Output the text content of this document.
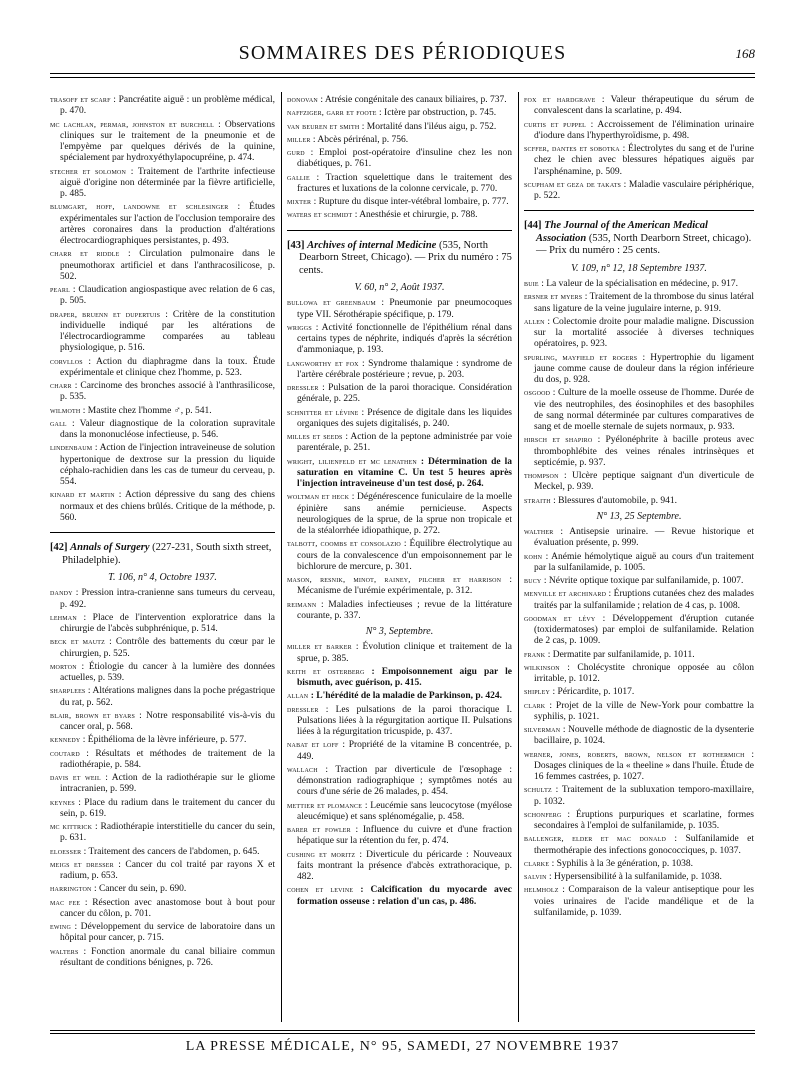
SOMMAIRES DES PÉRIODIQUES	168
trasoff et scarf : Pancréatite aiguë : un problème médical, p. 470.
mc lachlan, permar, johnston et burchell : Observations cliniques sur le traitement de la pneumonie et de l'empyème par quelques dérivés de la quinine, spécialement par hydroxyéthylapocupréine, p. 474.
stecher et solomon : Traitement de l'arthrite infectieuse aiguë d'origine non déterminée par la fièvre artificielle, p. 485.
blumgart, hoff, landowne et schlesinger : Études expérimentales sur l'action de l'occlusion temporaire des artères coronaires dans la production d'altérations électrocardiographiques persistantes, p. 493.
charr et riddle : Circulation pulmonaire dans le pneumothorax artificiel et dans l'anthracosilicose, p. 502.
pearl : Claudication angiospastique avec relation de 6 cas, p. 505.
draper, bruenn et dupertuis : Critère de la constitution individuelle indiqué par les altérations de l'électrocardiogramme comparées au tableau physiologique, p. 516.
corvllos : Action du diaphragme dans la toux. Étude expérimentale et clinique chez l'homme, p. 523.
charr : Carcinome des bronches associé à l'anthrasilicose, p. 535.
wilmoth : Mastite chez l'homme ♂, p. 541.
gall : Valeur diagnostique de la coloration supravitale dans la mononucléose infectieuse, p. 546.
lindenbaum : Action de l'injection intraveineuse de solution hypertonique de dextrose sur la pression du liquide céphalo-rachidien dans les cas de tumeur du cerveau, p. 554.
kinard et martin : Action dépressive du sang des chiens normaux et des chiens brûlés. Critique de la méthode, p. 560.
[42] Annals of Surgery (227-231, South sixth street, Philadelphie).
T. 106, n° 4, Octobre 1937.
dandy : Pression intra-cranienne sans tumeurs du cerveau, p. 492.
lehman : Place de l'intervention exploratrice dans la chirurgie de l'abcès subphrénique, p. 514.
beck et mautz : Contrôle des battements du cœur par le chirurgien, p. 525.
morton : Étiologie du cancer à la lumière des données actuelles, p. 539.
sharplees : Altérations malignes dans la poche prégastrique du rat, p. 562.
blair, brown et byars : Notre responsabilité vis-à-vis du cancer oral, p. 568.
kennedy : Épithélioma de la lèvre inférieure, p. 577.
coutard : Résultats et méthodes de traitement de la radiothérapie, p. 584.
davis et weil : Action de la radiothérapie sur le gliome intracranien, p. 599.
keynes : Place du radium dans le traitement du cancer du sein, p. 619.
mc kittrick : Radiothérapie interstitielle du cancer du sein, p. 631.
eloesser : Traitement des cancers de l'abdomen, p. 645.
meigs et dresser : Cancer du col traité par rayons X et radium, p. 653.
harrington : Cancer du sein, p. 690.
mac fee : Résection avec anastomose bout à bout pour cancer du côlon, p. 701.
ewing : Développement du service de laboratoire dans un hôpital pour cancer, p. 715.
walters : Fonction anormale du canal biliaire commun résultant de conditions bénignes, p. 726.
donovan : Atrésie congénitale des canaux biliaires, p. 737.
naffziger, garr et foote : Ictère par obstruction, p. 745.
van beuren et smith : Mortalité dans l'iléus aigu, p. 752.
miller : Abcès périrénal, p. 756.
gurd : Emploi post-opératoire d'insuline chez les non diabétiques, p. 761.
gallie : Traction squelettique dans le traitement des fractures et luxations de la colonne cervicale, p. 770.
mixter : Rupture du disque inter-vétébral lombaire, p. 777.
waters et schmidt : Anesthésie et chirurgie, p. 788.
[43] Archives of internal Medicine (535, North Dearborn Street, Chicago). — Prix du numéro : 75 cents.
V. 60, n° 2, Août 1937.
bullowa et greenbaum : Pneumonie par pneumocoques type VII. Sérothérapie spécifique, p. 179.
wriggs : Activité fonctionnelle de l'épithélium rénal dans certains types de néphrite, indiqués d'après la sécrétion d'ammoniaque, p. 193.
langworthy et fox : Syndrome thalamique : syndrome de l'artère cérébrale postérieure ; revue, p. 203.
dressler : Pulsation de la paroi thoracique. Considération générale, p. 225.
schnitter et lévine : Présence de digitale dans les liquides organiques des sujets digitalisés, p. 240.
milles et seeds : Action de la peptone administrée par voie parentérale, p. 251.
wright, lilienfeld et mc lenathen : Détermination de la saturation en vitamine C. Un test 5 heures après l'injection intraveineuse d'un test dosé, p. 264.
woltman et heck : Dégénérescence funiculaire de la moelle épinière sans anémie pernicieuse. Aspects neurologiques de la sprue, de la sprue non tropicale et de la stéalorrhée idiopathique, p. 272.
talbott, coombs et consolazio : Équilibre électrolytique au cours de la convalescence d'un empoisonnement par le bichlorure de mercure, p. 301.
mason, resnik, minot, rainey, pilcher et harrison : Mécanisme de l'urémie expérimentale, p. 312.
reimann : Maladies infectieuses ; revue de la littérature courante, p. 337.
N° 3, Septembre.
miller et barker : Évolution clinique et traitement de la sprue, p. 385.
keith et osterberg : Empoisonnement aigu par le bismuth, avec guérison, p. 415.
allan : L'hérédité de la maladie de Parkinson, p. 424.
dressler : Les pulsations de la paroi thoracique I. Pulsations liées à la régurgitation aortique II. Pulsations liées à la régurgitation tricuspide, p. 437.
nabat et loff : Propriété de la vitamine B concentrée, p. 449.
wallach : Traction par diverticule de l'œsophage : démonstration radiographique ; symptômes notés au cours d'une série de 26 malades, p. 454.
mettier et plomance : Leucémie sans leucocytose (myélose aleucémique) et sans splénomégalie, p. 458.
barer et fowler : Influence du cuivre et d'une fraction hépatique sur la rétention du fer, p. 474.
cushing et moritz : Diverticule du péricarde : Nouveaux faits montrant la présence d'abcès extrathoracique, p. 482.
cohen et levine : Calcification du myocarde avec formation osseuse : relation d'un cas, p. 486.
fox et hardgrave : Valeur thérapeutique du sérum de convalescent dans la scarlatine, p. 494.
curtis et puppel : Accroissement de l'élimination urinaire d'iodure dans l'hyperthyroïdisme, p. 498.
scffer, dantes et sobotka : Électrolytes du sang et de l'urine chez le chien avec blessures hépatiques aiguës par l'arsphénamine, p. 509.
scupham et geza de takats : Maladie vasculaire périphérique, p. 522.
[44] The Journal of the American Medical Association (535, North Dearborn Street, chicago). — Prix du numéro : 25 cents.
V. 109, n° 12, 18 Septembre 1937.
buie : La valeur de la spécialisation en médecine, p. 917.
ersner et myers : Traitement de la thrombose du sinus latéral sans ligature de la veine jugulaire interne, p. 919.
allen : Colectomie droite pour maladie maligne. Discussion sur la mortalité associée à diverses techniques opératoires, p. 923.
spurling, mayfield et rogers : Hypertrophie du ligament jaune comme cause de douleur dans la région inférieure du dos, p. 928.
osgood : Culture de la moelle osseuse de l'homme. Durée de vie des neutrophiles, des éosinophiles et des basophiles de sang normal déterminée par cultures comparatives de sang et de moelle sternale de sujets normaux, p. 933.
hirsch et shapiro : Pyélonéphrite à bacille proteus avec thrombophlébite des veines rénales intrinsèques et septicémie, p. 937.
thompson : Ulcère peptique saignant d'un diverticule de Meckel, p. 939.
straith : Blessures d'automobile, p. 941.
N° 13, 25 Septembre.
walther : Antisepsie urinaire. — Revue historique et évaluation présente, p. 999.
kohn : Anémie hémolytique aiguë au cours d'un traitement par la sulfanilamide, p. 1005.
bucy : Névrite optique toxique par sulfanilamide, p. 1007.
menville et archinard : Éruptions cutanées chez des malades traités par la sulfanilamide ; relation de 4 cas, p. 1008.
goodman et lévy : Développement d'éruption cutanée (toxidermatoses) par emploi de sulfanilamide. Relation de 2 cas, p. 1009.
frank : Dermatite par sulfanilamide, p. 1011.
wilkinson : Cholécystite chronique opposée au côlon irritable, p. 1012.
shipley : Péricardite, p. 1017.
clark : Projet de la ville de New-York pour combattre la syphilis, p. 1021.
silverman : Nouvelle méthode de diagnostic de la dysenterie bacillaire, p. 1024.
werner, jones, roberts, brown, nelson et rothermich : Dosages cliniques de la « theeline » dans l'huile. Étude de 16 femmes castrées, p. 1027.
schultz : Traitement de la subluxation temporo-maxillaire, p. 1032.
schonferg : Éruptions purpuriques et scarlatine, formes secondaires à l'emploi de sulfanilamide, p. 1035.
ballenger, elder et mac donald : Sulfanilamide et thermothérapie des infections gonococciques, p. 1037.
clarke : Syphilis à la 3e génération, p. 1038.
salvin : Hypersensibilité à la sulfanilamide, p. 1038.
helmholz : Comparaison de la valeur antiseptique pour les voies urinaires de l'acide mandélique et de la sulfanilamide, p. 1039.
LA PRESSE MÉDICALE, N° 95, SAMEDI, 27 NOVEMBRE 1937
